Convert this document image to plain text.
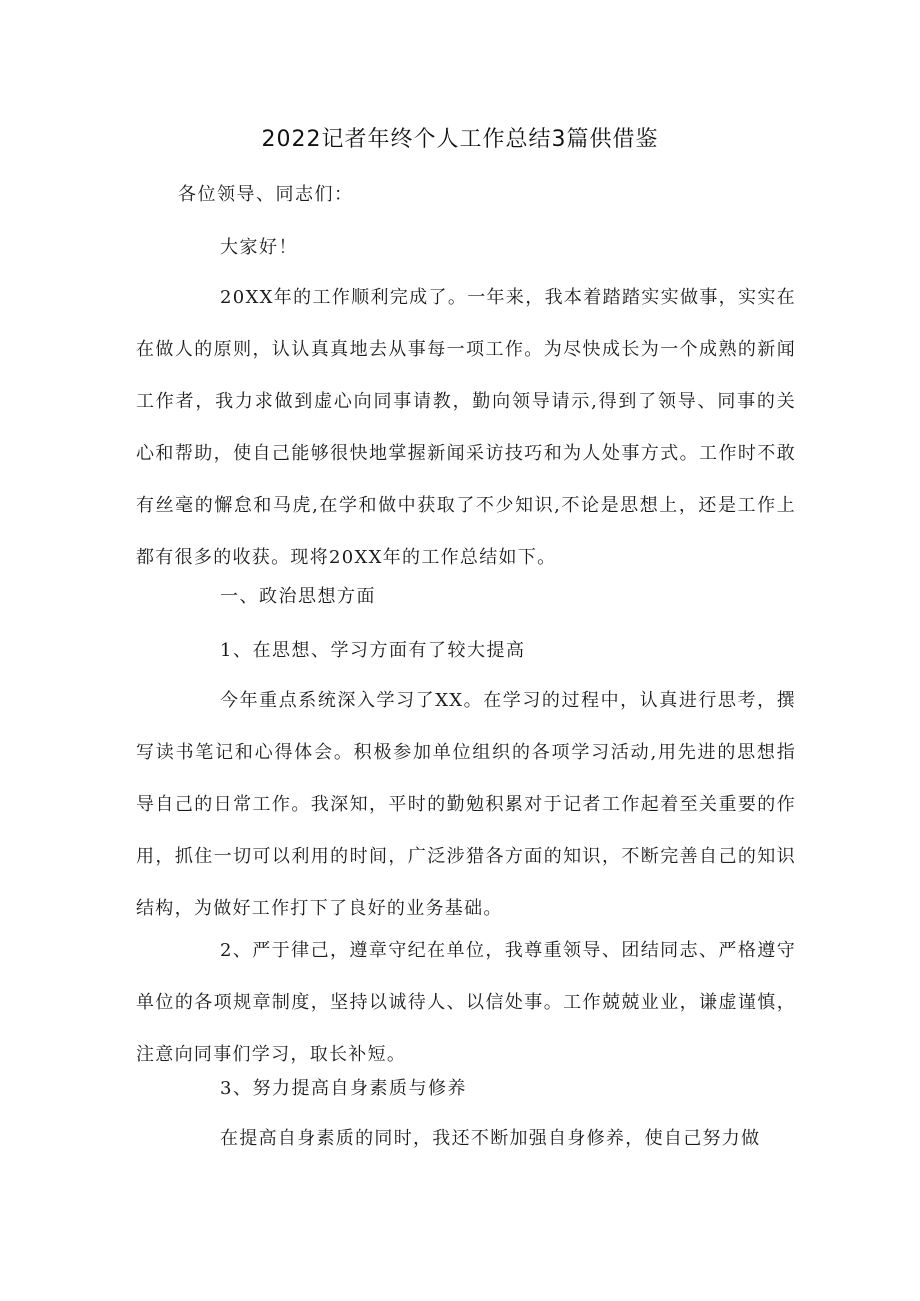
2022记者年终个人工作总结3篇供借鉴
各位领导、同志们：
大家好！

20XX年的工作顺利完成了。一年来，我本着踏踏实实做事，实实在在做人的原则，认认真真地去从事每一项工作。为尽快成长为一个成熟的新闻工作者，我力求做到虚心向同事请教，勤向领导请示,得到了领导、同事的关心和帮助，使自己能够很快地掌握新闻采访技巧和为人处事方式。工作时不敢有丝毫的懈怠和马虎,在学和做中获取了不少知识,不论是思想上，还是工作上都有很多的收获。现将20XX年的工作总结如下。

一、政治思想方面
1、在思想、学习方面有了较大提高

今年重点系统深入学习了XX。在学习的过程中，认真进行思考，撰写读书笔记和心得体会。积极参加单位组织的各项学习活动,用先进的思想指导自己的日常工作。我深知，平时的勤勉积累对于记者工作起着至关重要的作用，抓住一切可以利用的时间，广泛涉猎各方面的知识，不断完善自己的知识结构，为做好工作打下了良好的业务基础。

2、严于律己，遵章守纪在单位，我尊重领导、团结同志、严格遵守单位的各项规章制度，坚持以诚待人、以信处事。工作兢兢业业，谦虚谨慎，注意向同事们学习，取长补短。

3、努力提高自身素质与修养

在提高自身素质的同时，我还不断加强自身修养，使自己努力做
